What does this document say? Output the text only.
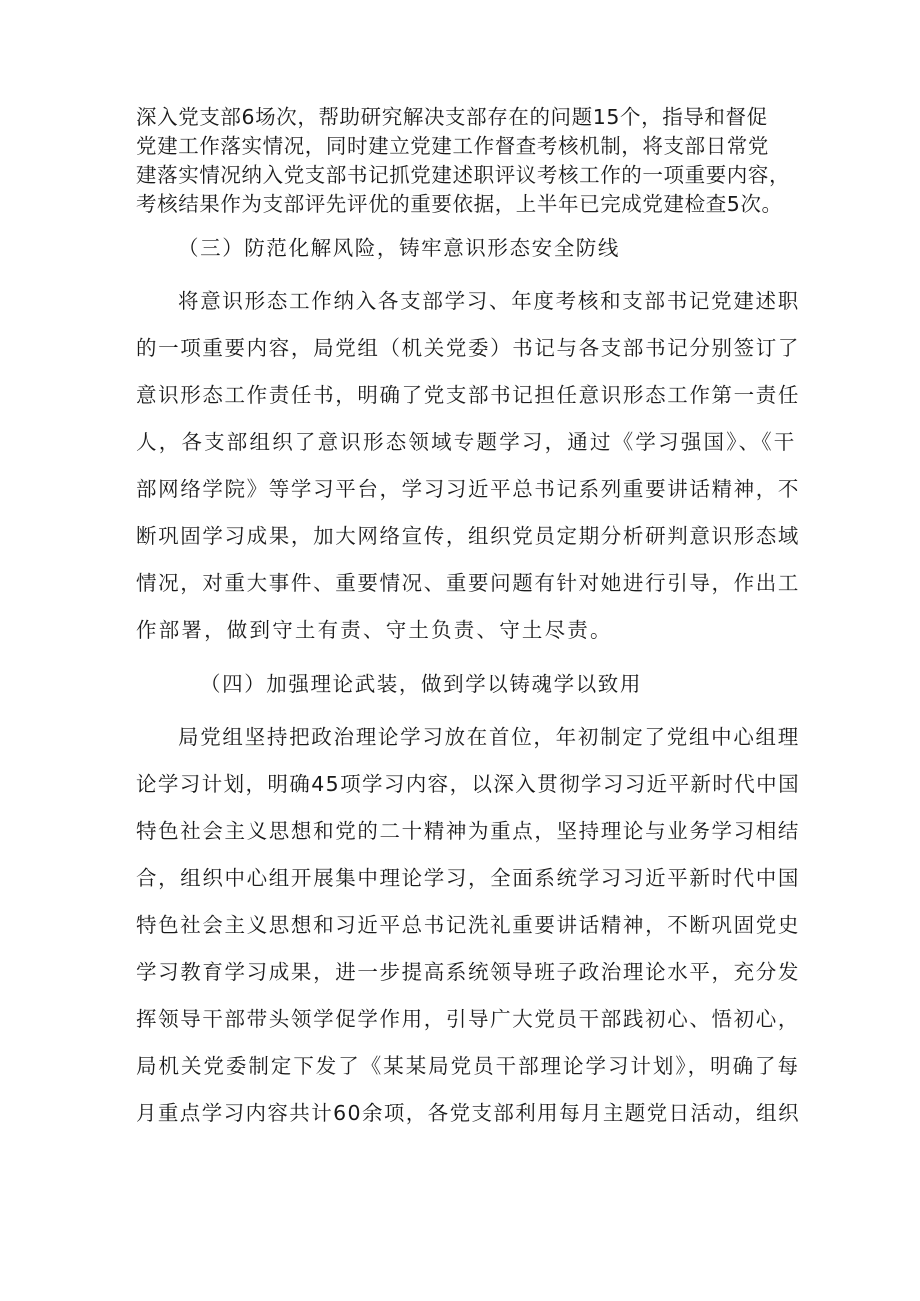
深入党支部6场次，帮助研究解决支部存在的问题15个，指导和督促
党建工作落实情况，同时建立党建工作督查考核机制，将支部日常党
建落实情况纳入党支部书记抓党建述职评议考核工作的一项重要内容，
考核结果作为支部评先评优的重要依据，上半年已完成党建检查5次。
（三）防范化解风险，铸牢意识形态安全防线
将意识形态工作纳入各支部学习、年度考核和支部书记党建述职
的一项重要内容，局党组（机关党委）书记与各支部书记分别签订了
意识形态工作责任书，明确了党支部书记担任意识形态工作第一责任
人，各支部组织了意识形态领域专题学习，通过《学习强国》、《干
部网络学院》等学习平台，学习习近平总书记系列重要讲话精神，不
断巩固学习成果，加大网络宣传，组织党员定期分析研判意识形态域
情况，对重大事件、重要情况、重要问题有针对她进行引导，作出工
作部署，做到守土有责、守土负责、守土尽责。
（四）加强理论武装，做到学以铸魂学以致用
局党组坚持把政治理论学习放在首位，年初制定了党组中心组理
论学习计划，明确45项学习内容，以深入贯彻学习习近平新时代中国
特色社会主义思想和党的二十精神为重点，坚持理论与业务学习相结
合，组织中心组开展集中理论学习，全面系统学习习近平新时代中国
特色社会主义思想和习近平总书记洗礼重要讲话精神，不断巩固党史
学习教育学习成果，进一步提高系统领导班子政治理论水平，充分发
挥领导干部带头领学促学作用，引导广大党员干部践初心、悟初心，
局机关党委制定下发了《某某局党员干部理论学习计划》，明确了每
月重点学习内容共计60余项，各党支部利用每月主题党日活动，组织
